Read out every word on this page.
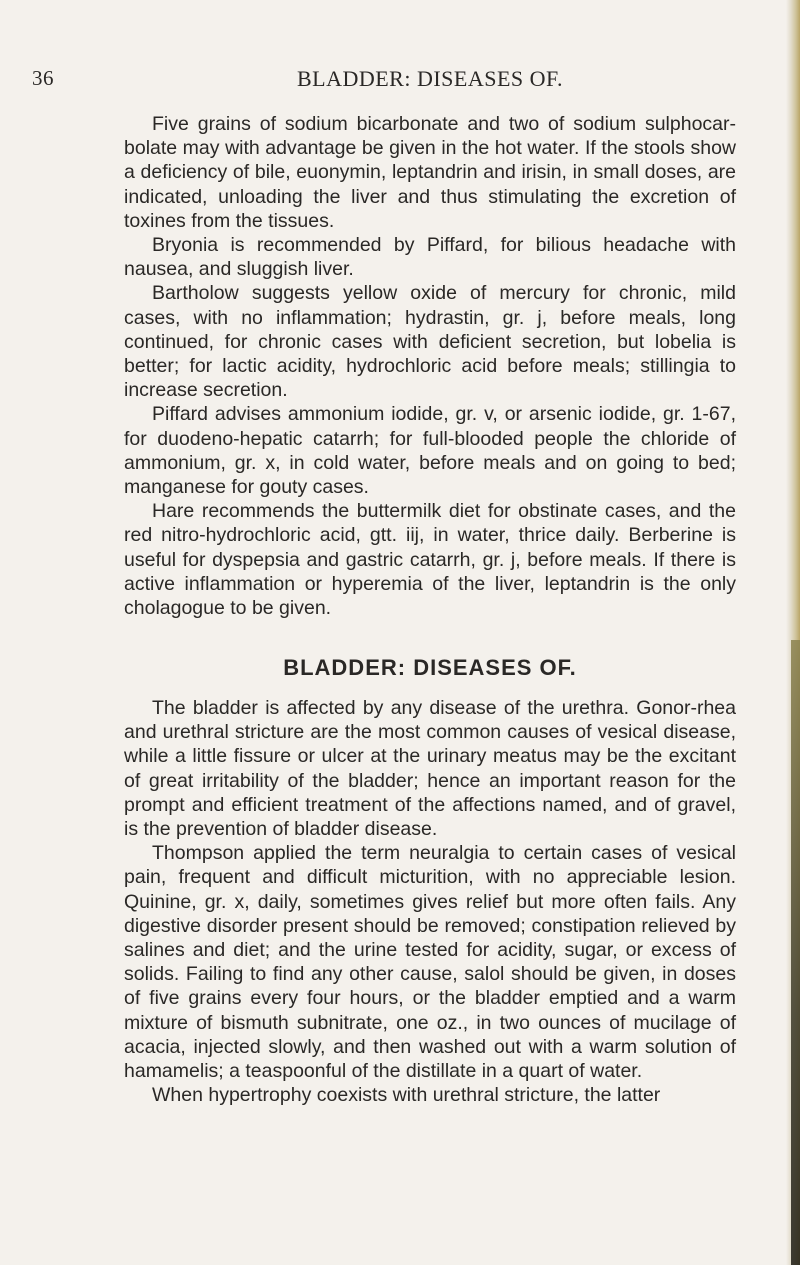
36	BLADDER: DISEASES OF.

Five grains of sodium bicarbonate and two of sodium sulphocar-bolate may with advantage be given in the hot water. If the stools show a deficiency of bile, euonymin, leptandrin and irisin, in small doses, are indicated, unloading the liver and thus stimulating the excretion of toxines from the tissues.

Bryonia is recommended by Piffard, for bilious headache with nausea, and sluggish liver.

Bartholow suggests yellow oxide of mercury for chronic, mild cases, with no inflammation; hydrastin, gr. j, before meals, long continued, for chronic cases with deficient secretion, but lobelia is better; for lactic acidity, hydrochloric acid before meals; stillingia to increase secretion.

Piffard advises ammonium iodide, gr. v, or arsenic iodide, gr. 1-67, for duodeno-hepatic catarrh; for full-blooded people the chloride of ammonium, gr. x, in cold water, before meals and on going to bed; manganese for gouty cases.

Hare recommends the buttermilk diet for obstinate cases, and the red nitro-hydrochloric acid, gtt. iij, in water, thrice daily. Berberine is useful for dyspepsia and gastric catarrh, gr. j, before meals. If there is active inflammation or hyperemia of the liver, leptandrin is the only cholagogue to be given.

BLADDER: DISEASES OF.

The bladder is affected by any disease of the urethra. Gonor-rhea and urethral stricture are the most common causes of vesical disease, while a little fissure or ulcer at the urinary meatus may be the excitant of great irritability of the bladder; hence an important reason for the prompt and efficient treatment of the affections named, and of gravel, is the prevention of bladder disease.

Thompson applied the term neuralgia to certain cases of vesical pain, frequent and difficult micturition, with no appreciable lesion. Quinine, gr. x, daily, sometimes gives relief but more often fails. Any digestive disorder present should be removed; constipation relieved by salines and diet; and the urine tested for acidity, sugar, or excess of solids. Failing to find any other cause, salol should be given, in doses of five grains every four hours, or the bladder emptied and a warm mixture of bismuth subnitrate, one oz., in two ounces of mucilage of acacia, injected slowly, and then washed out with a warm solution of hamamelis; a teaspoonful of the distillate in a quart of water.

When hypertrophy coexists with urethral stricture, the latter
